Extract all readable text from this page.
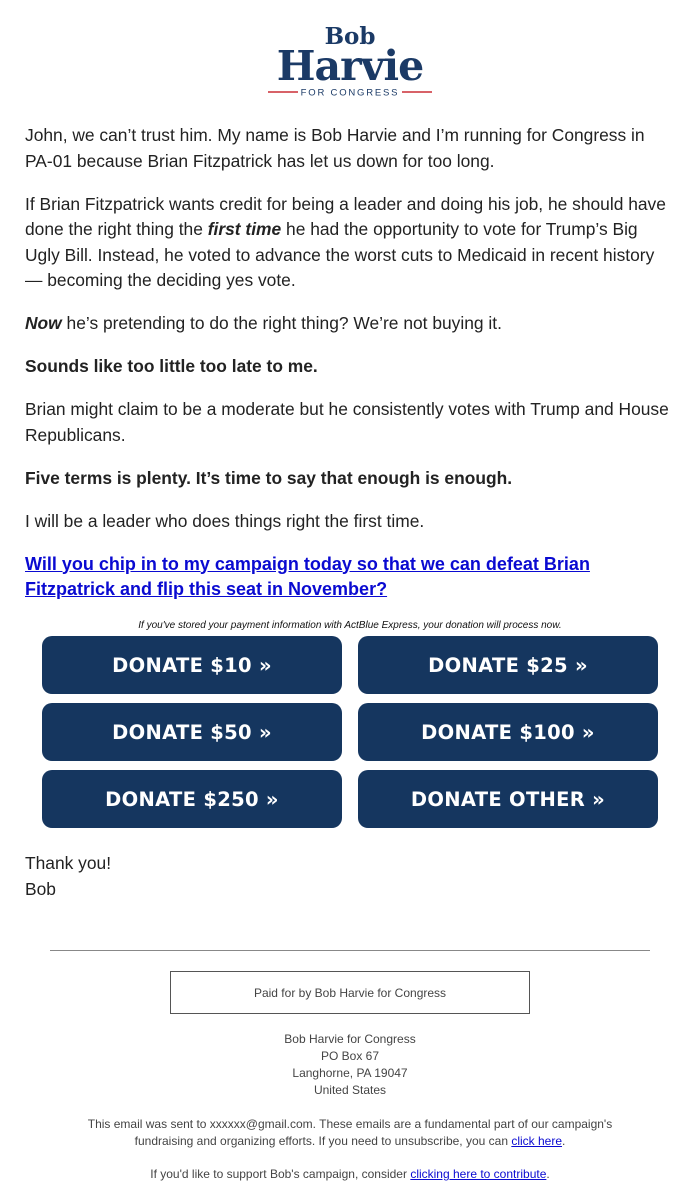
Bob
Harvie
FOR CONGRESS

John, we can’t trust him. My name is Bob Harvie and I’m running for Congress in PA-01 because Brian Fitzpatrick has let us down for too long.

If Brian Fitzpatrick wants credit for being a leader and doing his job, he should have done the right thing the first time he had the opportunity to vote for Trump’s Big Ugly Bill. Instead, he voted to advance the worst cuts to Medicaid in recent history — becoming the deciding yes vote.

Now he’s pretending to do the right thing? We’re not buying it.

Sounds like too little too late to me.

Brian might claim to be a moderate but he consistently votes with Trump and House Republicans.

Five terms is plenty. It’s time to say that enough is enough.

I will be a leader who does things right the first time.

Will you chip in to my campaign today so that we can defeat Brian Fitzpatrick and flip this seat in November?

If you've stored your payment information with ActBlue Express, your donation will process now.
DONATE $10 »	DONATE $25 »
DONATE $50 »	DONATE $100 »
DONATE $250 »	DONATE OTHER »
Thank you!
Bob
Paid for by Bob Harvie for Congress
Bob Harvie for Congress
PO Box 67
Langhorne, PA 19047
United States
This email was sent to xxxxxx@gmail.com. These emails are a fundamental part of our campaign's fundraising and organizing efforts. If you need to unsubscribe, you can click here.
If you'd like to support Bob's campaign, consider clicking here to contribute.
